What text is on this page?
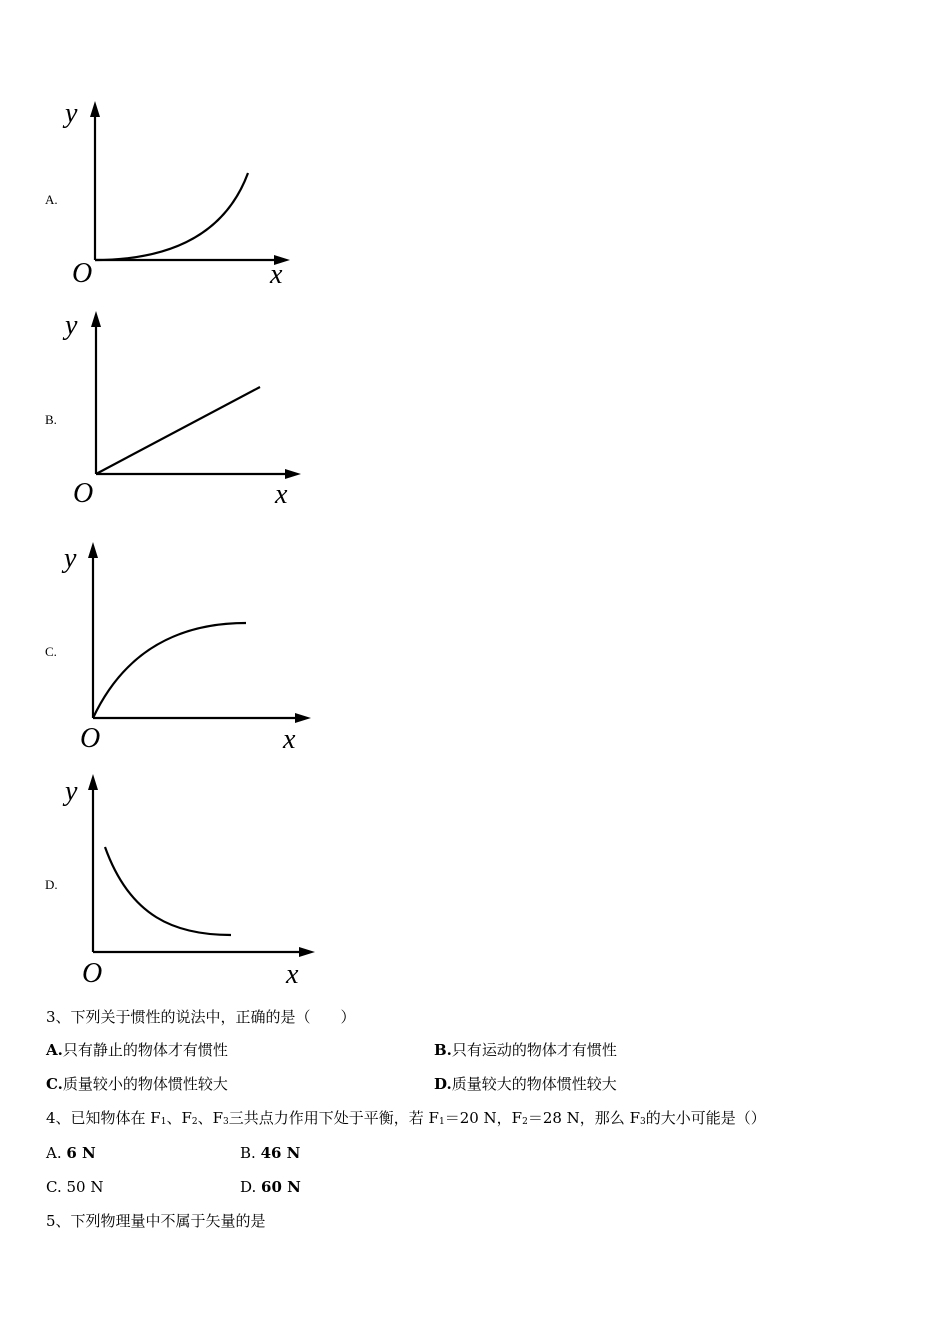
A.
y
O	x
B.
y
O	x
C.
y
O	x
D.
y
O	x
3、下列关于惯性的说法中，正确的是（　　）
A.只有静止的物体才有惯性	B.只有运动的物体才有惯性
C.质量较小的物体惯性较大	D.质量较大的物体惯性较大
4、已知物体在 $F_1$、$F_2$、$F_3$三共点力作用下处于平衡，若 $F_1=20$ N，$F_2=28$ N，那么 $F_3$的大小可能是（）
A. 6 N	B. 46 N
C. 50 N	D. 60 N
5、下列物理量中不属于矢量的是
